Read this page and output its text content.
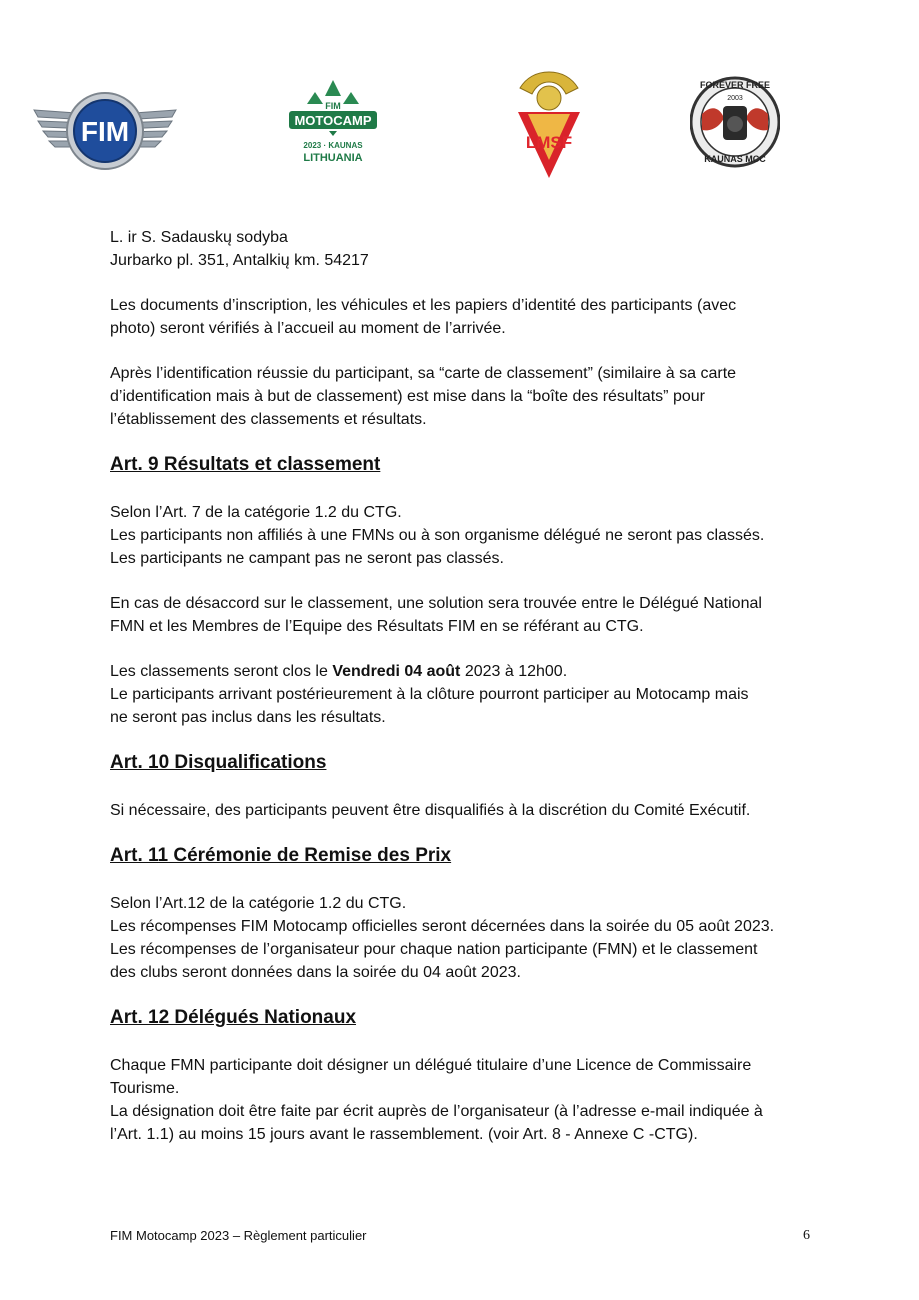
FIM
FIM
MOTOCAMP
2023 · KAUNAS
LITHUANIA
LMSF
FOREVER FREE
2003
KAUNAS MCC

L. ir S. Sadauskų sodyba

Jurbarko pl. 351, Antalkių km. 54217

Les documents d’inscription, les véhicules et les papiers d’identité des participants (avec

photo) seront vérifiés à l’accueil au moment de l’arrivée.

Après l’identification réussie du participant, sa “carte de classement” (similaire à sa carte

d’identification mais à but de classement) est mise dans la “boîte des résultats” pour

l’établissement des classements et résultats.

Art. 9 Résultats et classement

Selon l’Art. 7 de la catégorie 1.2 du CTG.

Les participants non affiliés à une FMNs ou à son organisme délégué ne seront pas classés.

Les participants ne campant pas ne seront pas classés.

En cas de désaccord sur le classement, une solution sera trouvée entre le Délégué National

FMN et les Membres de l’Equipe des Résultats FIM en se référant au CTG.

Les classements seront clos le Vendredi 04 août 2023 à 12h00.

Le participants arrivant postérieurement à la clôture pourront participer au Motocamp mais

ne seront pas inclus dans les résultats.

Art. 10 Disqualifications

Si nécessaire, des participants peuvent être disqualifiés à la discrétion du Comité Exécutif.

Art. 11 Cérémonie de Remise des Prix

Selon l’Art.12 de la catégorie 1.2 du CTG.

Les récompenses FIM Motocamp officielles seront décernées dans la soirée du 05 août 2023.

Les récompenses de l’organisateur pour chaque nation participante (FMN) et le classement

des clubs seront données dans la soirée du 04 août 2023.

Art. 12 Délégués Nationaux

Chaque FMN participante doit désigner un délégué titulaire d’une Licence de Commissaire

Tourisme.

La désignation doit être faite par écrit auprès de l’organisateur (à l’adresse e-mail indiquée à

l’Art. 1.1) au moins 15 jours avant le rassemblement. (voir Art. 8 - Annexe C -CTG).

FIM Motocamp 2023 – Règlement particulier	6
